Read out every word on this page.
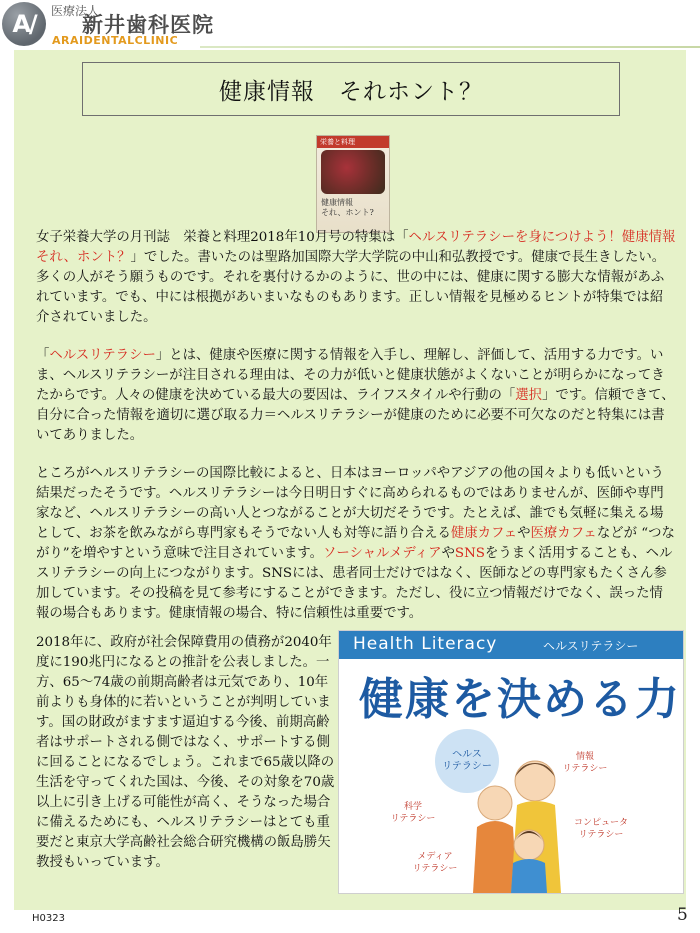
A/ 医療法人
新井歯科医院
ARAIDENTALCLINIC
健康情報　それホント？
栄養と料理
健康情報
それ、ホント?

女子栄養大学の月刊誌　栄養と料理2018年10月号の特集は「ヘルスリテラシーを身につけよう！健康情報それ、ホント？」でした。書いたのは聖路加国際大学大学院の中山和弘教授です。健康で長生きしたい。多くの人がそう願うものです。それを裏付けるかのように、世の中には、健康に関する膨大な情報があふれています。でも、中には根拠があいまいなものもあります。正しい情報を見極めるヒントが特集では紹介されていました。

「ヘルスリテラシー」とは、健康や医療に関する情報を入手し、理解し、評価して、活用する力です。いま、ヘルスリテラシーが注目される理由は、その力が低いと健康状態がよくないことが明らかになってきたからです。人々の健康を決めている最大の要因は、ライフスタイルや行動の「選択」です。信頼できて、自分に合った情報を適切に選び取る力＝ヘルスリテラシーが健康のために必要不可欠なのだと特集には書いてありました。

ところがヘルスリテラシーの国際比較によると、日本はヨーロッパやアジアの他の国々よりも低いという結果だったそうです。ヘルスリテラシーは今日明日すぐに高められるものではありませんが、医師や専門家など、ヘルスリテラシーの高い人とつながることが大切だそうです。たとえば、誰でも気軽に集える場として、お茶を飲みながら専門家もそうでない人も対等に語り合える健康カフェや医療カフェなどが “つながり”を増やすという意味で注目されています。ソーシャルメディアやSNSをうまく活用することも、ヘルスリテラシーの向上につながります。SNSには、患者同士だけではなく、医師などの専門家もたくさん参加しています。その投稿を見て参考にすることができます。ただし、役に立つ情報だけでなく、誤った情報の場合もあります。健康情報の場合、特に信頼性は重要です。

2018年に、政府が社会保障費用の債務が2040年度に190兆円になるとの推計を公表しました。一方、65～74歳の前期高齢者は元気であり、10年前よりも身体的に若いということが判明しています。国の財政がますます逼迫する今後、前期高齢者はサポートされる側ではなく、サポートする側に回ることになるでしょう。これまで65歳以降の生活を守ってくれた国は、今後、その対象を70歳以上に引き上げる可能性が高く、そうなった場合に備えるためにも、ヘルスリテラシーはとても重要だと東京大学高齢社会総合研究機構の飯島勝矢教授もいっています。

Health Literacy	ヘルスリテラシー
健康を決める力
ヘルス
リテラシー
情報
リテラシー
科学
リテラシー	コンピュータ
リテラシー
メディア
リテラシー
H0323	5
